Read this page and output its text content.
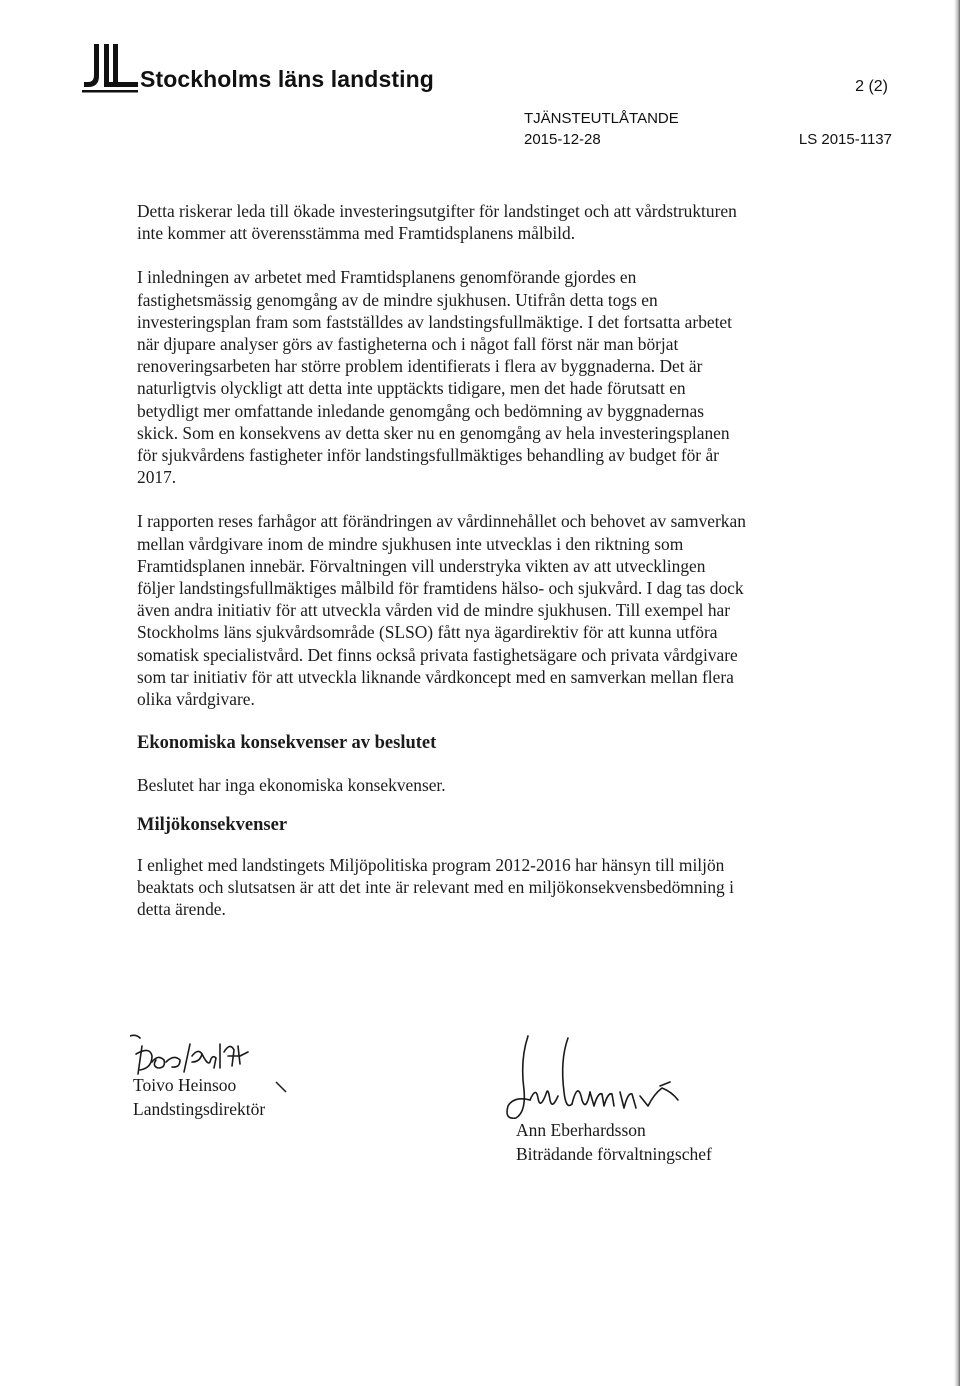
Stockholms läns landsting	2 (2)
TJÄNSTEUTLÅTANDE
2015-12-28	LS 2015-1137

Detta riskerar leda till ökade investeringsutgifter för landstinget och att vårdstrukturen inte kommer att överensstämma med Framtidsplanens målbild.

I inledningen av arbetet med Framtidsplanens genomförande gjordes en fastighetsmässig genomgång av de mindre sjukhusen. Utifrån detta togs en investeringsplan fram som fastställdes av landstingsfullmäktige. I det fortsatta arbetet när djupare analyser görs av fastigheterna och i något fall först när man börjat renoveringsarbeten har större problem identifierats i flera av byggnaderna. Det är naturligtvis olyckligt att detta inte upptäckts tidigare, men det hade förutsatt en betydligt mer omfattande inledande genomgång och bedömning av byggnadernas skick. Som en konsekvens av detta sker nu en genomgång av hela investeringsplanen för sjukvårdens fastigheter inför landstingsfullmäktiges behandling av budget för år 2017.

I rapporten reses farhågor att förändringen av vårdinnehållet och behovet av samverkan mellan vårdgivare inom de mindre sjukhusen inte utvecklas i den riktning som Framtidsplanen innebär. Förvaltningen vill understryka vikten av att utvecklingen följer landstingsfullmäktiges målbild för framtidens hälso- och sjukvård. I dag tas dock även andra initiativ för att utveckla vården vid de mindre sjukhusen. Till exempel har Stockholms läns sjukvårdsområde (SLSO) fått nya ägardirektiv för att kunna utföra somatisk specialistvård. Det finns också privata fastighetsägare och privata vårdgivare som tar initiativ för att utveckla liknande vårdkoncept med en samverkan mellan flera olika vårdgivare.

Ekonomiska konsekvenser av beslutet

Beslutet har inga ekonomiska konsekvenser.

Miljökonsekvenser

I enlighet med landstingets Miljöpolitiska program 2012-2016 har hänsyn till miljön beaktats och slutsatsen är att det inte är relevant med en miljökonsekvensbedömning i detta ärende.

Toivo Heinsoo
Landstingsdirektör
Ann Eberhardsson
Biträdande förvaltningschef
